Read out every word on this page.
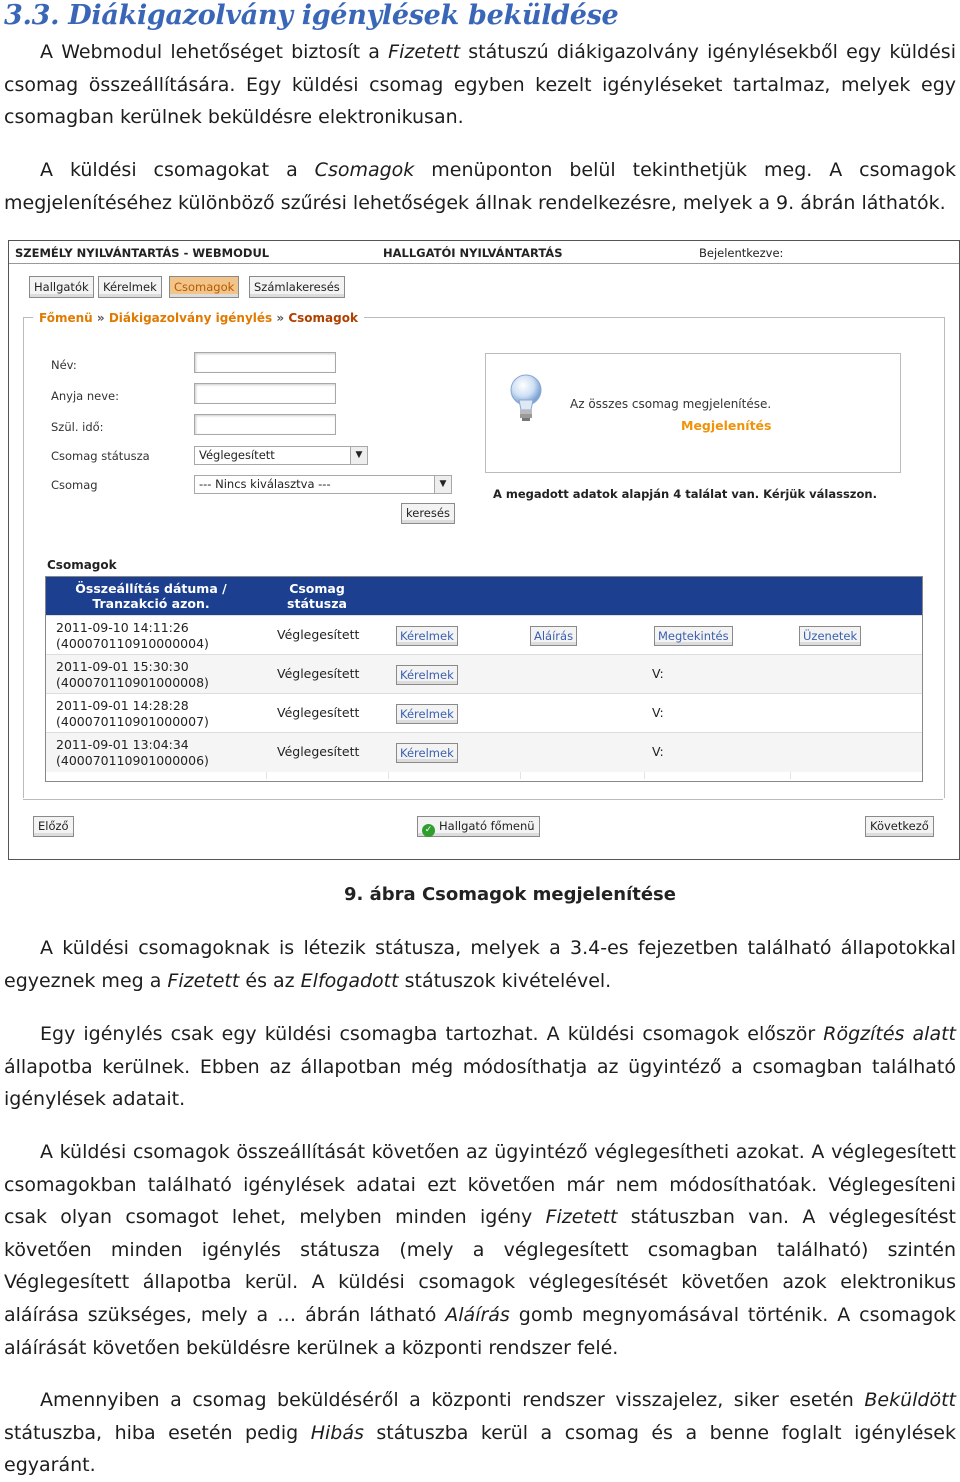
3.3. Diákigazolvány igénylések beküldése

A Webmodul lehetőséget biztosít a Fizetett státuszú diákigazolvány igénylésekből egy küldési csomag összeállítására. Egy küldési csomag egyben kezelt igényléseket tartalmaz, melyek egy csomagban kerülnek beküldésre elektronikusan.

A küldési csomagokat a Csomagok menüponton belül tekinthetjük meg. A csomagok megjelenítéséhez különböző szűrési lehetőségek állnak rendelkezésre, melyek a 9. ábrán láthatók.

SZEMÉLY NYILVÁNTARTÁS - WEBMODUL	HALLGATÓI NYILVÁNTARTÁS	Bejelentkezve:
Hallgatók	Kérelmek	Csomagok	Számlakeresés
Főmenü » Diákigazolvány igénylés » Csomagok
Név:
Anyja neve:
Szül. idő:
Csomag státusza	Véglegesített	▼
Csomag	--- Nincs kiválasztva ---	▼
keresés
Az összes csomag megjelenítése.
Megjelenítés
A megadott adatok alapján 4 találat van. Kérjük válasszon.
Csomagok
Összeállítás dátuma / Tranzakció azon.
Csomag státusza
2011-09-10 14:11:26
(400070110910000004)
Véglegesített	Kérelmek	Aláírás	Megtekintés	Üzenetek
2011-09-01 15:30:30
(400070110901000008)
Véglegesített	Kérelmek	V:
2011-09-01 14:28:28
(400070110901000007)
Véglegesített	Kérelmek	V:
2011-09-01 13:04:34
(400070110901000006)
Véglegesített	Kérelmek	V:
Előző	✓ Hallgató főmenü	Következő
9. ábra Csomagok megjelenítése

A küldési csomagoknak is létezik státusza, melyek a 3.4-es fejezetben található állapotokkal egyeznek meg a Fizetett és az Elfogadott státuszok kivételével.

Egy igénylés csak egy küldési csomagba tartozhat. A küldési csomagok először Rögzítés alatt állapotba kerülnek. Ebben az állapotban még módosíthatja az ügyintéző a csomagban található igénylések adatait.

A küldési csomagok összeállítását követően az ügyintéző véglegesítheti azokat. A véglegesített csomagokban található igénylések adatai ezt követően már nem módosíthatóak. Véglegesíteni csak olyan csomagot lehet, melyben minden igény Fizetett státuszban van. A véglegesítést követően minden igénylés státusza (mely a véglegesített csomagban található) szintén Véglegesített állapotba kerül. A küldési csomagok véglegesítését követően azok elektronikus aláírása szükséges, mely a … ábrán látható Aláírás gomb megnyomásával történik. A csomagok aláírását követően beküldésre kerülnek a központi rendszer felé.

Amennyiben a csomag beküldéséről a központi rendszer visszajelez, siker esetén Beküldött státuszba, hiba esetén pedig Hibás státuszba kerül a csomag és a benne foglalt igénylések egyaránt.
